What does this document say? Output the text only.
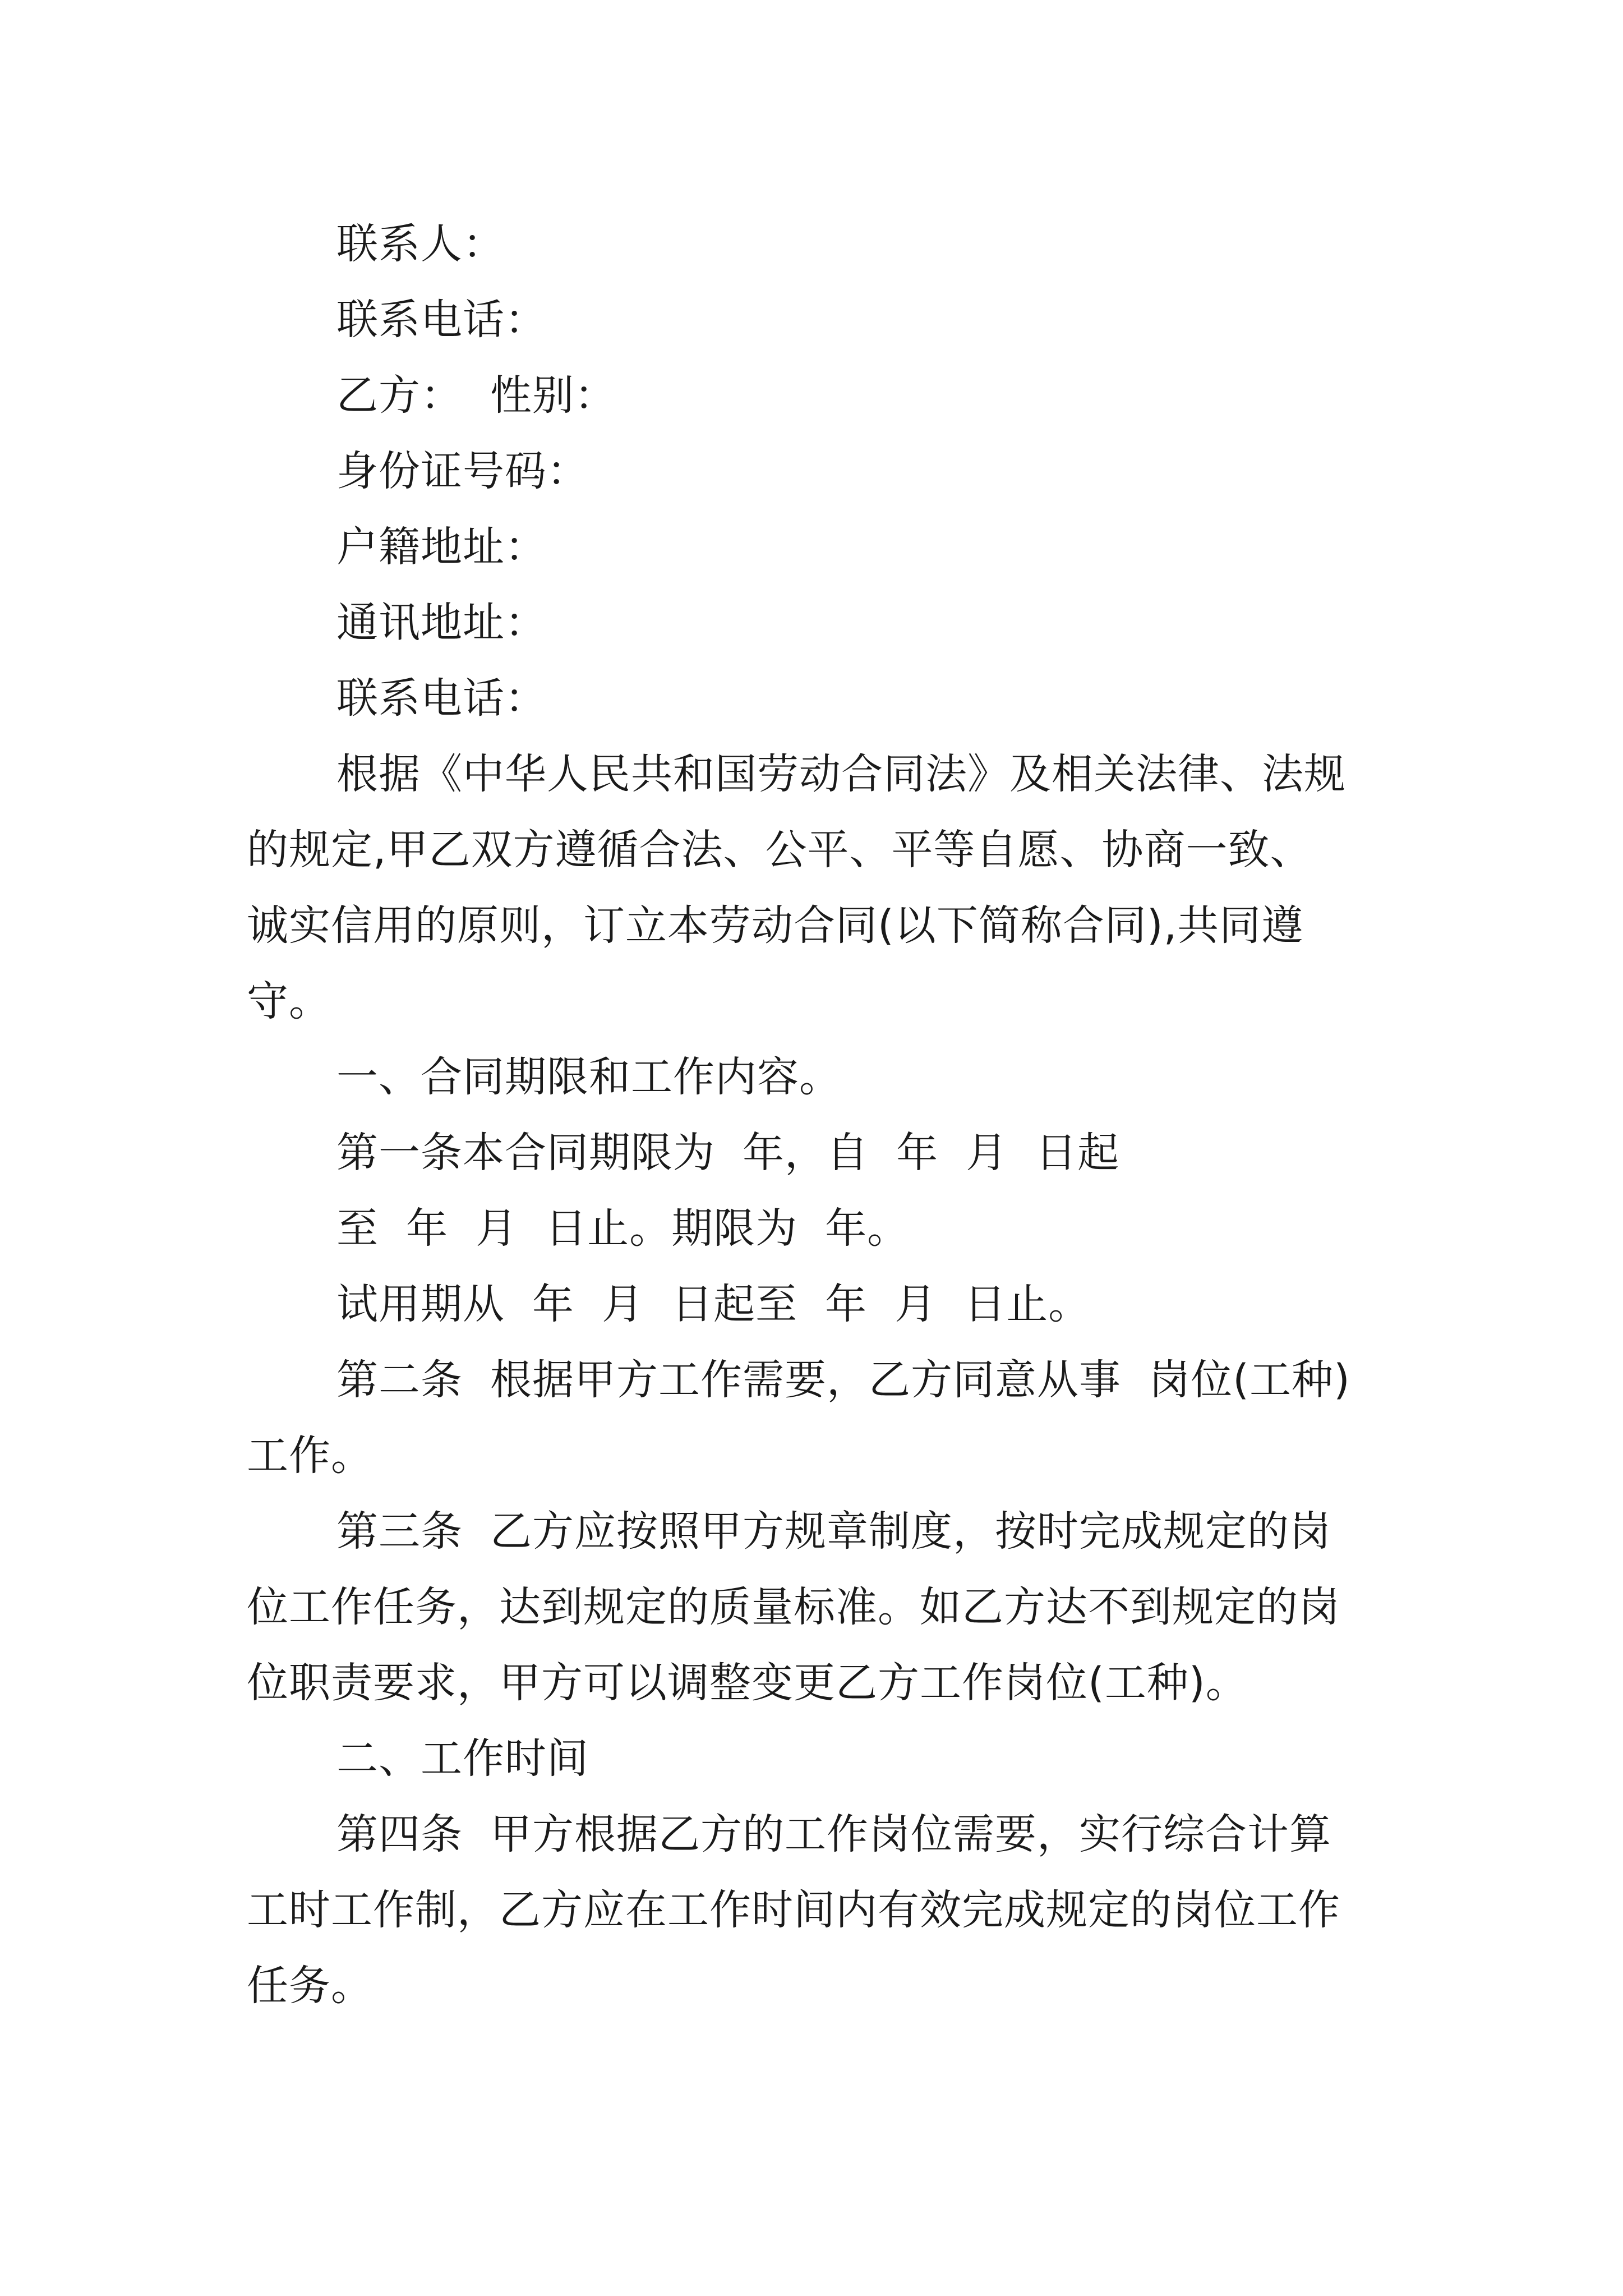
联系人：
联系电话：
乙方：  性别：
身份证号码：
户籍地址：
通讯地址：
联系电话：
根据《中华人民共和国劳动合同法》及相关法律、法规
的规定,甲乙双方遵循合法、公平、平等自愿、协商一致、
诚实信用的原则，订立本劳动合同(以下简称合同),共同遵
守。
一、合同期限和工作内容。
第一条本合同期限为  年，自  年  月  日起
至  年  月  日止。期限为  年。
试用期从  年  月  日起至  年  月  日止。
第二条  根据甲方工作需要，乙方同意从事  岗位(工种)
工作。
第三条  乙方应按照甲方规章制度，按时完成规定的岗
位工作任务，达到规定的质量标准。如乙方达不到规定的岗
位职责要求，甲方可以调整变更乙方工作岗位(工种)。
二、工作时间
第四条  甲方根据乙方的工作岗位需要，实行综合计算
工时工作制，乙方应在工作时间内有效完成规定的岗位工作
任务。
